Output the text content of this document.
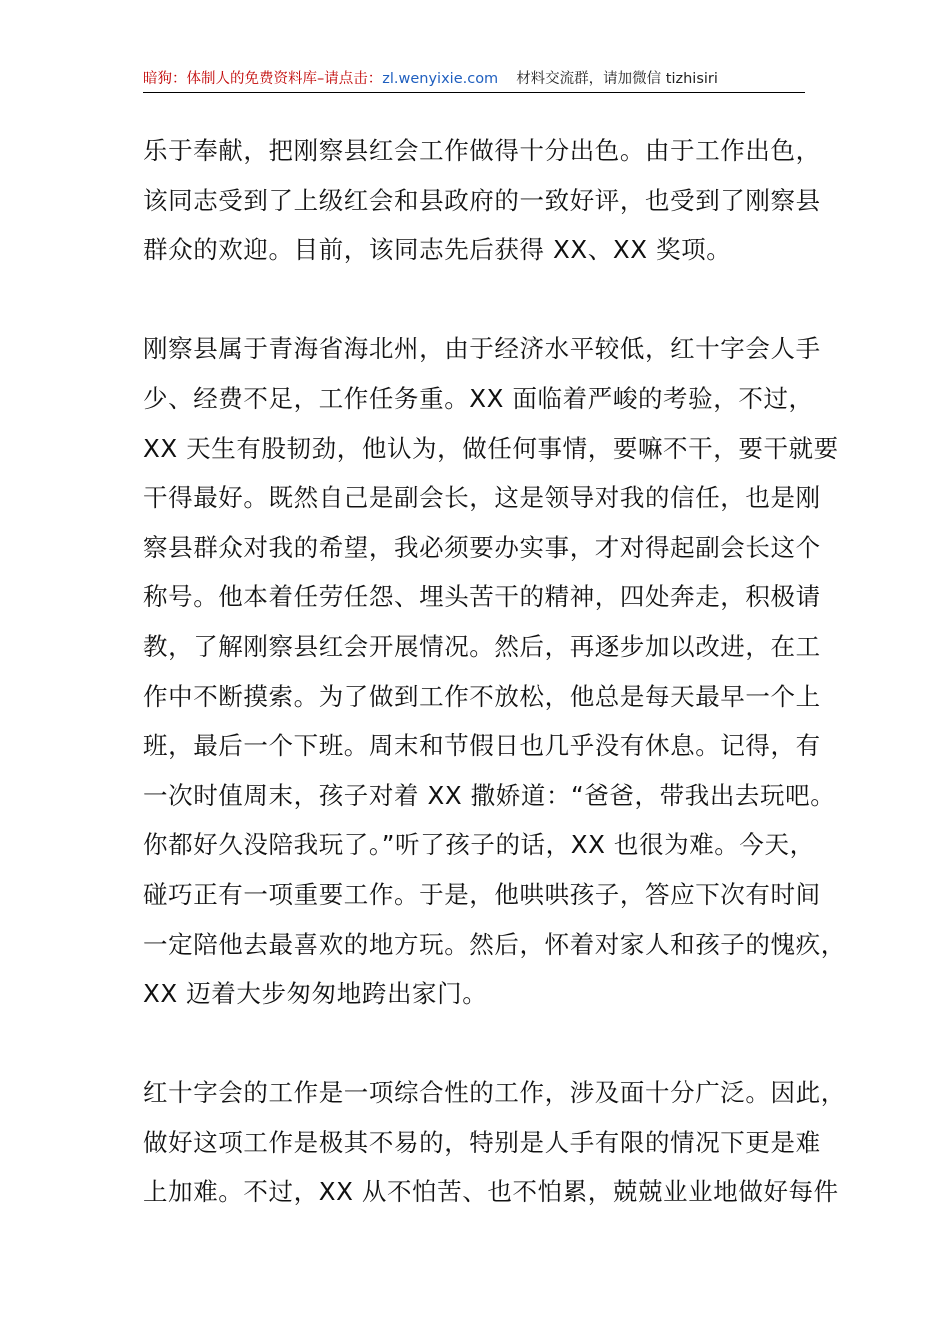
暗狗：体制人的免费资料库–请点击：zl.wenyixie.com 材料交流群，请加微信 tizhisiri
乐于奉献，把刚察县红会工作做得十分出色。由于工作出色，
该同志受到了上级红会和县政府的一致好评，也受到了刚察县
群众的欢迎。目前，该同志先后获得 XX、XX 奖项。
刚察县属于青海省海北州，由于经济水平较低，红十字会人手
少、经费不足，工作任务重。XX 面临着严峻的考验，不过，
XX 天生有股韧劲，他认为，做任何事情，要嘛不干，要干就要
干得最好。既然自己是副会长，这是领导对我的信任，也是刚
察县群众对我的希望，我必须要办实事，才对得起副会长这个
称号。他本着任劳任怨、埋头苦干的精神，四处奔走，积极请
教，了解刚察县红会开展情况。然后，再逐步加以改进，在工
作中不断摸索。为了做到工作不放松，他总是每天最早一个上
班，最后一个下班。周末和节假日也几乎没有休息。记得，有
一次时值周末，孩子对着 XX 撒娇道：“爸爸，带我出去玩吧。
你都好久没陪我玩了。”听了孩子的话，XX 也很为难。今天，
碰巧正有一项重要工作。于是，他哄哄孩子，答应下次有时间
一定陪他去最喜欢的地方玩。然后，怀着对家人和孩子的愧疚，
XX 迈着大步匆匆地跨出家门。
红十字会的工作是一项综合性的工作，涉及面十分广泛。因此，
做好这项工作是极其不易的，特别是人手有限的情况下更是难
上加难。不过，XX 从不怕苦、也不怕累，兢兢业业地做好每件
